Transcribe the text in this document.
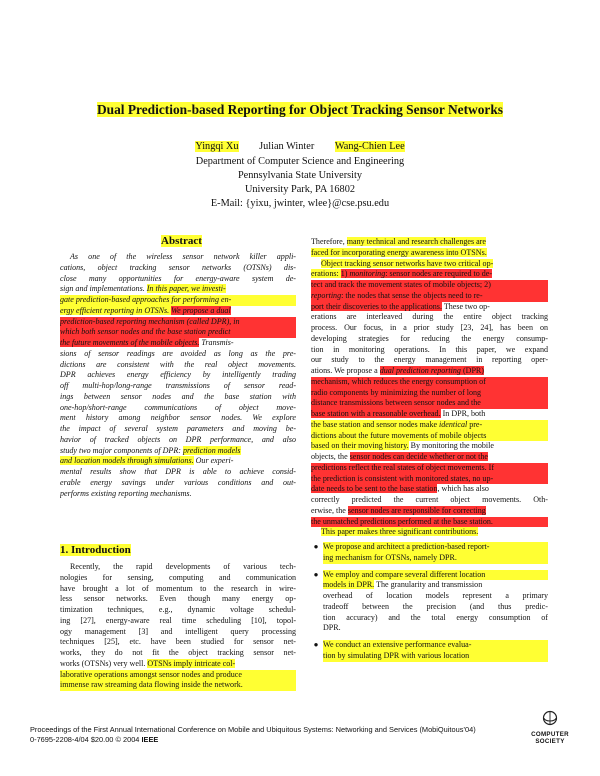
Dual Prediction-based Reporting for Object Tracking Sensor Networks
Yingqi Xu Julian Winter Wang-Chien Lee
Department of Computer Science and Engineering
Pennsylvania State University
University Park, PA 16802
E-Mail: {yixu, jwinter, wlee}@cse.psu.edu
Abstract
As one of the wireless sensor network killer appli-
cations, object tracking sensor networks (OTSNs) dis-
close many opportunities for energy-aware system de-
sign and implementations. In this paper, we investi-
gate prediction-based approaches for performing en-
ergy efficient reporting in OTSNs. We propose a dual
prediction-based reporting mechanism (called DPR), in
which both sensor nodes and the base station predict
the future movements of the mobile objects. Transmis-
sions of sensor readings are avoided as long as the pre-
dictions are consistent with the real object movements.
DPR achieves energy efficiency by intelligently trading
off multi-hop/long-range transmissions of sensor read-
ings between sensor nodes and the base station with
one-hop/short-range communications of object move-
ment history among neighbor sensor nodes. We explore
the impact of several system parameters and moving be-
havior of tracked objects on DPR performance, and also
study two major components of DPR: prediction models
and location models through simulations. Our experi-
mental results show that DPR is able to achieve consid-
erable energy savings under various conditions and out-
performs existing reporting mechanisms.
1. Introduction
Recently, the rapid developments of various tech-
nologies for sensing, computing and communication
have brought a lot of momentum to the research in wire-
less sensor networks. Even though many energy op-
timization techniques, e.g., dynamic voltage schedul-
ing [27], energy-aware real time scheduling [10], topol-
ogy management [3] and intelligent query processing
techniques [25], etc. have been studied for sensor net-
works, they do not fit the object tracking sensor net-
works (OTSNs) very well. OTSNs imply intricate col-
laborative operations amongst sensor nodes and produce
immense raw streaming data flowing inside the network.
Therefore, many technical and research challenges are
faced for incorporating energy awareness into OTSNs.
Object tracking sensor networks have two critical op-
erations: 1) monitoring: sensor nodes are required to de-
tect and track the movement states of mobile objects; 2)
reporting: the nodes that sense the objects need to re-
port their discoveries to the applications. These two op-
erations are interleaved during the entire object tracking
process. Our focus, in a prior study [23, 24], has been on
developing strategies for reducing the energy consump-
tion in monitoring operations. In this paper, we expand
our study to the energy management in reporting oper-
ations. We propose a dual prediction reporting (DPR)
mechanism, which reduces the energy consumption of
radio components by minimizing the number of long
distance transmissions between sensor nodes and the
base station with a reasonable overhead. In DPR, both
the base station and sensor nodes make identical pre-
dictions about the future movements of mobile objects
based on their moving history. By monitoring the mobile
objects, the sensor nodes can decide whether or not the
predictions reflect the real states of object movements. If
the prediction is consistent with monitored states, no up-
date needs to be sent to the base station, which has also
correctly predicted the current object movements. Oth-
erwise, the sensor nodes are responsible for correcting
the unmatched predictions performed at the base station.
This paper makes three significant contributions.
● We propose and architect a prediction-based report-
ing mechanism for OTSNs, namely DPR.
● We employ and compare several different location
models in DPR. The granularity and transmission
overhead of location models represent a primary
tradeoff between the precision (and thus predic-
tion accuracy) and the total energy consumption of
DPR.
● We conduct an extensive performance evalua-
tion by simulating DPR with various location
Proceedings of the First Annual International Conference on Mobile and Ubiquitous Systems: Networking and Services (MobiQuitous’04)
0-7695-2208-4/04 $20.00 © 2004 IEEE
COMPUTER
SOCIETY
